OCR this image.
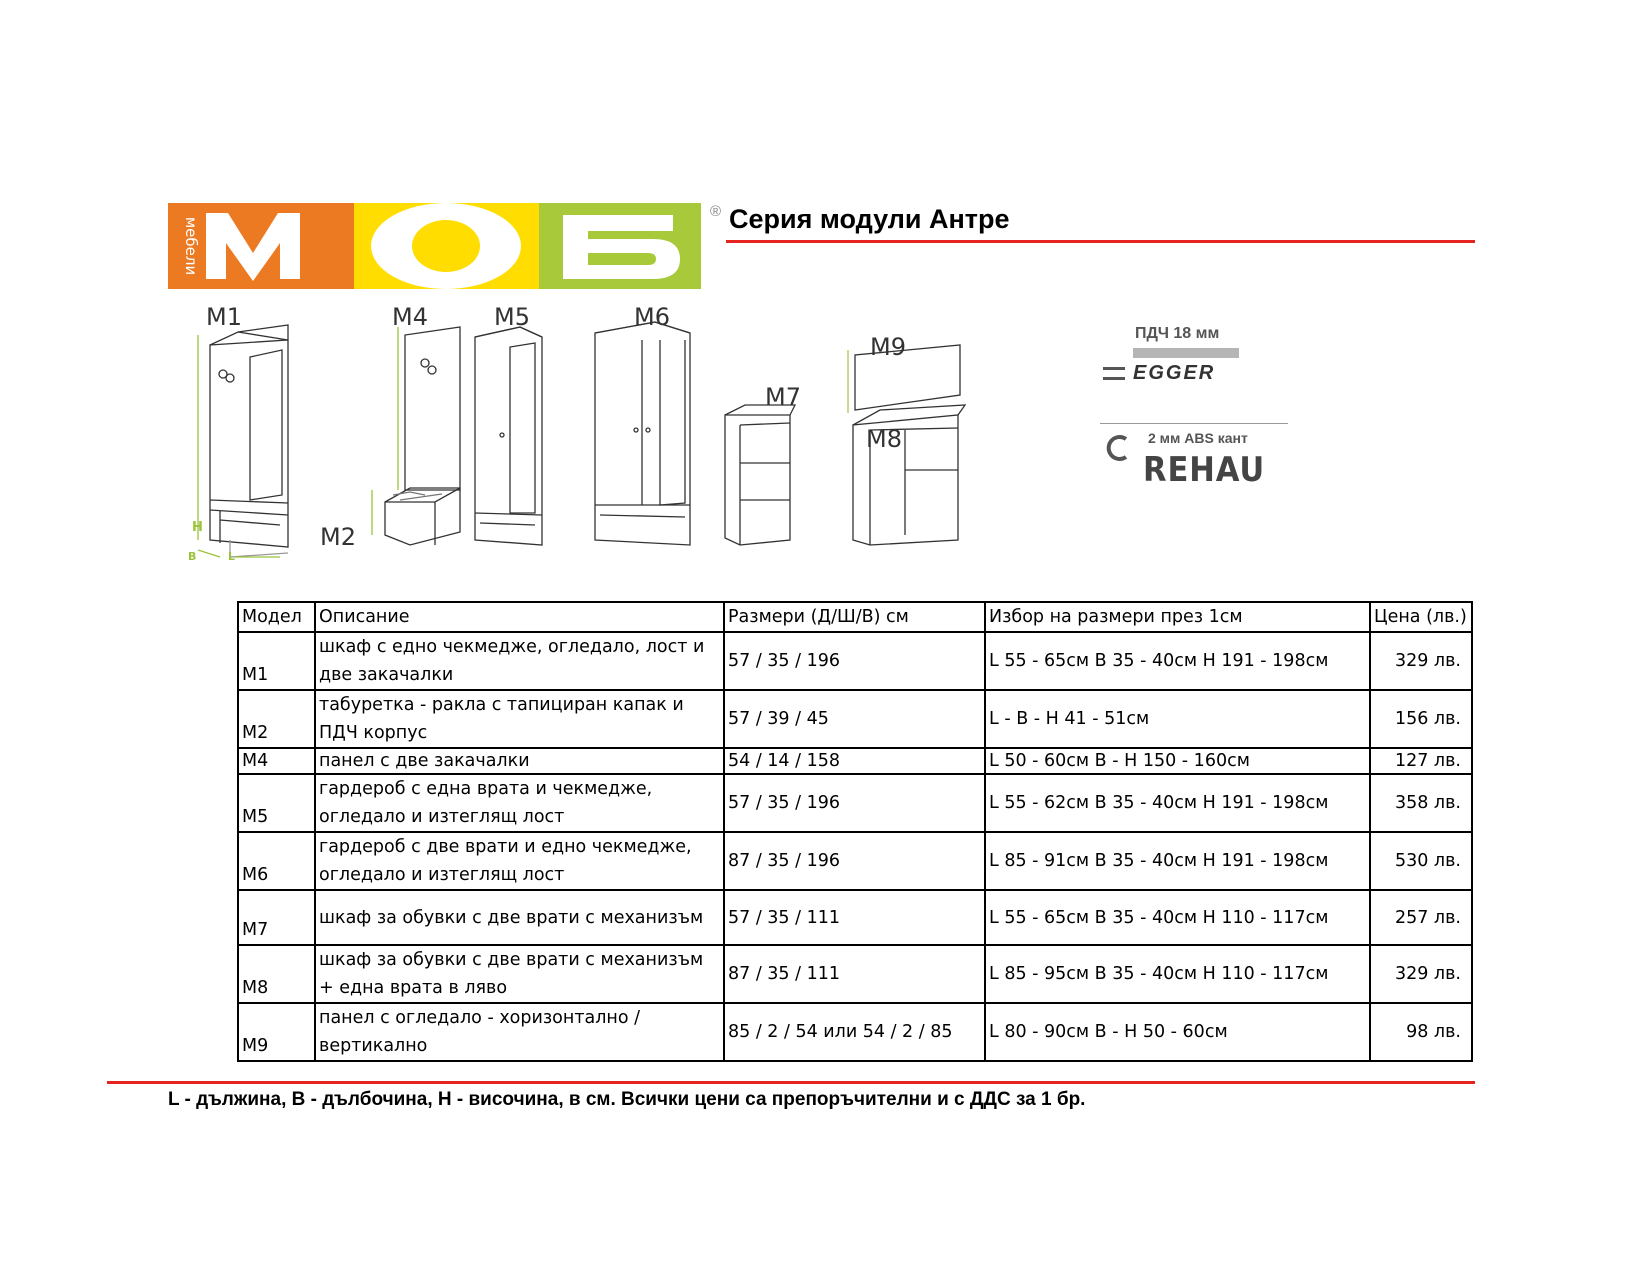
мебели
® Серия модули Антре
H
B	L
M1	M4	M5	M6
M9
M7
M8
M2
ПДЧ 18 мм
EGGER
2 мм ABS кант
REHAU
Модел	Описание	Размери (Д/Ш/В) см	Избор на размери през 1см	Цена (лв.)
M1	шкаф с едно чекмедже, огледало, лост и две закачалки	57 / 35 / 196	L 55 - 65см B 35 - 40см H 191 - 198см	329 лв.
M2	табуретка - ракла с тапициран капак и ПДЧ корпус	57 / 39 / 45	L - B - H 41 - 51см	156 лв.
M4	панел с две закачалки	54 / 14 / 158	L 50 - 60см B - H 150 - 160см	127 лв.
M5	гардероб с една врата и чекмедже, огледало и изтеглящ лост	57 / 35 / 196	L 55 - 62см B 35 - 40см H 191 - 198см	358 лв.
M6	гардероб с две врати и едно чекмедже, огледало и изтеглящ лост	87 / 35 / 196	L 85 - 91см B 35 - 40см H 191 - 198см	530 лв.
M7	шкаф за обувки с две врати с механизъм	57 / 35 / 111	L 55 - 65см B 35 - 40см H 110 - 117см	257 лв.
M8	шкаф за обувки с две врати с механизъм + една врата в ляво	87 / 35 / 111	L 85 - 95см B 35 - 40см H 110 - 117см	329 лв.
M9	панел с огледало - хоризонтално / вертикално	85 / 2 / 54 или 54 / 2 / 85	L 80 - 90см B - H 50 - 60см	98 лв.
L - дължина, B - дълбочина, H - височина, в см. Всички цени са препоръчителни и с ДДС за 1 бр.
